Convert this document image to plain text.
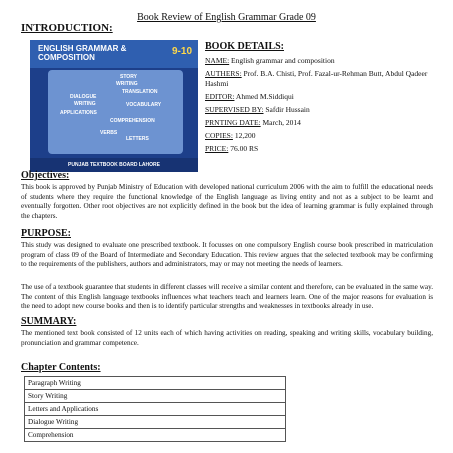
Book Review of English Grammar Grade 09
INTRODUCTION:
ENGLISH GRAMMAR & COMPOSITION
9-10
STORY
WRITING
TRANSLATION
DIALOGUE
WRITING	VOCABULARY
APPLICATIONS
COMPREHENSION
VERBS
LETTERS
PUNJAB TEXTBOOK BOARD LAHORE
BOOK DETAILS:
NAME: English grammar and composition
AUTHERS: Prof. B.A. Chisti, Prof. Fazal-ur-Rehman Butt, Abdul Qadeer Hashmi
EDITOR: Ahmed M.Siddiqui
SUPERVISED BY: Safdir Hussain
PRNTING DATE: March, 2014
COPIES: 12,200
PRICE: 76.00 RS
Objectives:
This book is approved by Punjab Ministry of Education with developed national curriculum 2006 with the aim to fulfill the educational needs of students where they require the functional knowledge of the English language as living entity and not as a subject to be learnt and eventually forgotten. Other root objectives are not explicitly defined in the book but the idea of learning grammar is fully explained through the chapters.
PURPOSE:
This study was designed to evaluate one prescribed textbook. It focusses on one compulsory English course book prescribed in matriculation program of class 09 of the Board of Intermediate and Secondary Education. This review argues that the selected textbook may be confirming to the requirements of the publishers, authors and administrators, may or may not meeting the needs of learners.
The use of a textbook guarantee that students in different classes will receive a similar content and therefore, can be evaluated in the same way. The content of this English language textbooks influences what teachers teach and learners learn. One of the major reasons for evaluation is the need to adopt new course books and then is to identify particular strengths and weaknesses in textbooks already in use.
SUMMARY:
The mentioned text book consisted of 12 units each of which having activities on reading, speaking and writing skills, vocabulary building, pronunciation and grammar competence.
Chapter Contents:
Paragraph Writing
Story Writing
Letters and Applications
Dialogue Writing
Comprehension
